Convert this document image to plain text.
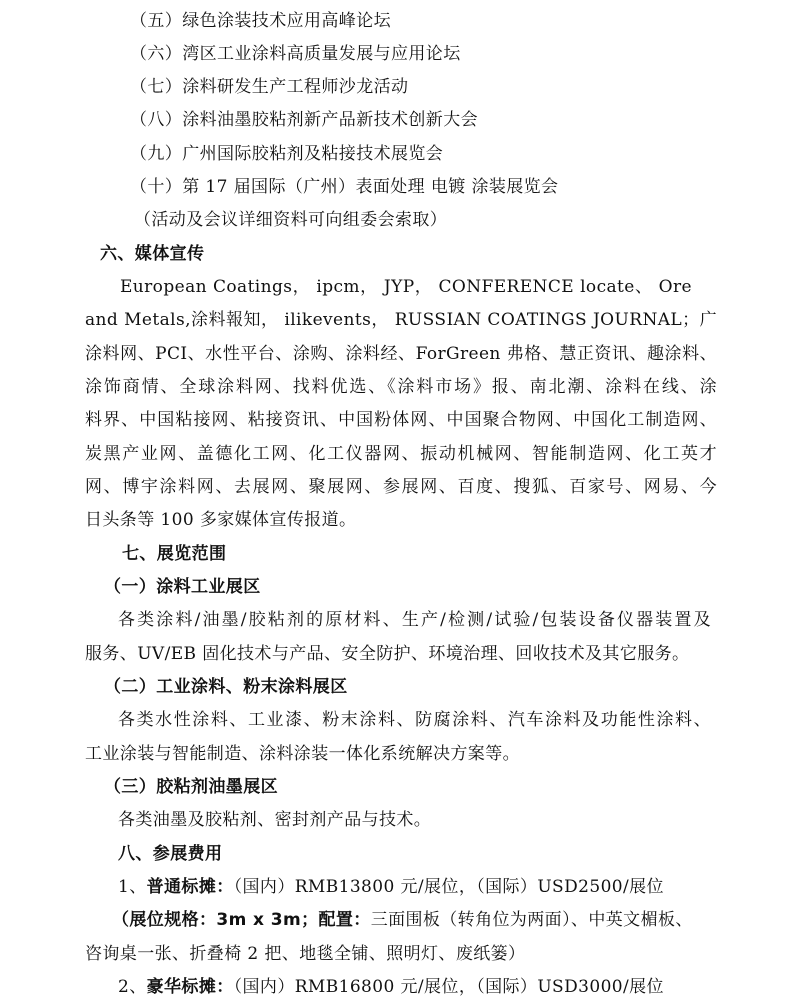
（五）绿色涂装技术应用高峰论坛
（六）湾区工业涂料高质量发展与应用论坛
（七）涂料研发生产工程师沙龙活动
（八）涂料油墨胶粘剂新产品新技术创新大会
（九）广州国际胶粘剂及粘接技术展览会
（十）第 17 届国际（广州）表面处理 电镀 涂装展览会
（活动及会议详细资料可向组委会索取）
六、媒体宣传
European Coatings， ipcm， JYP， CONFERENCE locate、 Ore
and Metals,涂料報知， ilikevents， RUSSIAN COATINGS JOURNAL；广
涂料网、PCI、水性平台、涂购、涂料经、ForGreen 弗格、慧正资讯、趣涂料、
涂饰商情、全球涂料网、找料优选、《涂料市场》报、南北潮、涂料在线、涂
料界、中国粘接网、粘接资讯、中国粉体网、中国聚合物网、中国化工制造网、
炭黑产业网、盖德化工网、化工仪器网、振动机械网、智能制造网、化工英才
网、博宇涂料网、去展网、聚展网、参展网、百度、搜狐、百家号、网易、今
日头条等 100 多家媒体宣传报道。
七、展览范围
（一）涂料工业展区
各类涂料/油墨/胶粘剂的原材料、生产/检测/试验/包装设备仪器装置及
服务、UV/EB 固化技术与产品、安全防护、环境治理、回收技术及其它服务。
（二）工业涂料、粉末涂料展区
各类水性涂料、工业漆、粉末涂料、防腐涂料、汽车涂料及功能性涂料、
工业涂装与智能制造、涂料涂装一体化系统解决方案等。
（三）胶粘剂油墨展区
各类油墨及胶粘剂、密封剂产品与技术。
八、参展费用
1、普通标摊：（国内）RMB13800 元/展位，（国际）USD2500/展位
（展位规格：3m x 3m；配置：三面围板（转角位为两面）、中英文楣板、
咨询桌一张、折叠椅 2 把、地毯全铺、照明灯、废纸篓）
2、豪华标摊：（国内）RMB16800 元/展位，（国际）USD3000/展位
